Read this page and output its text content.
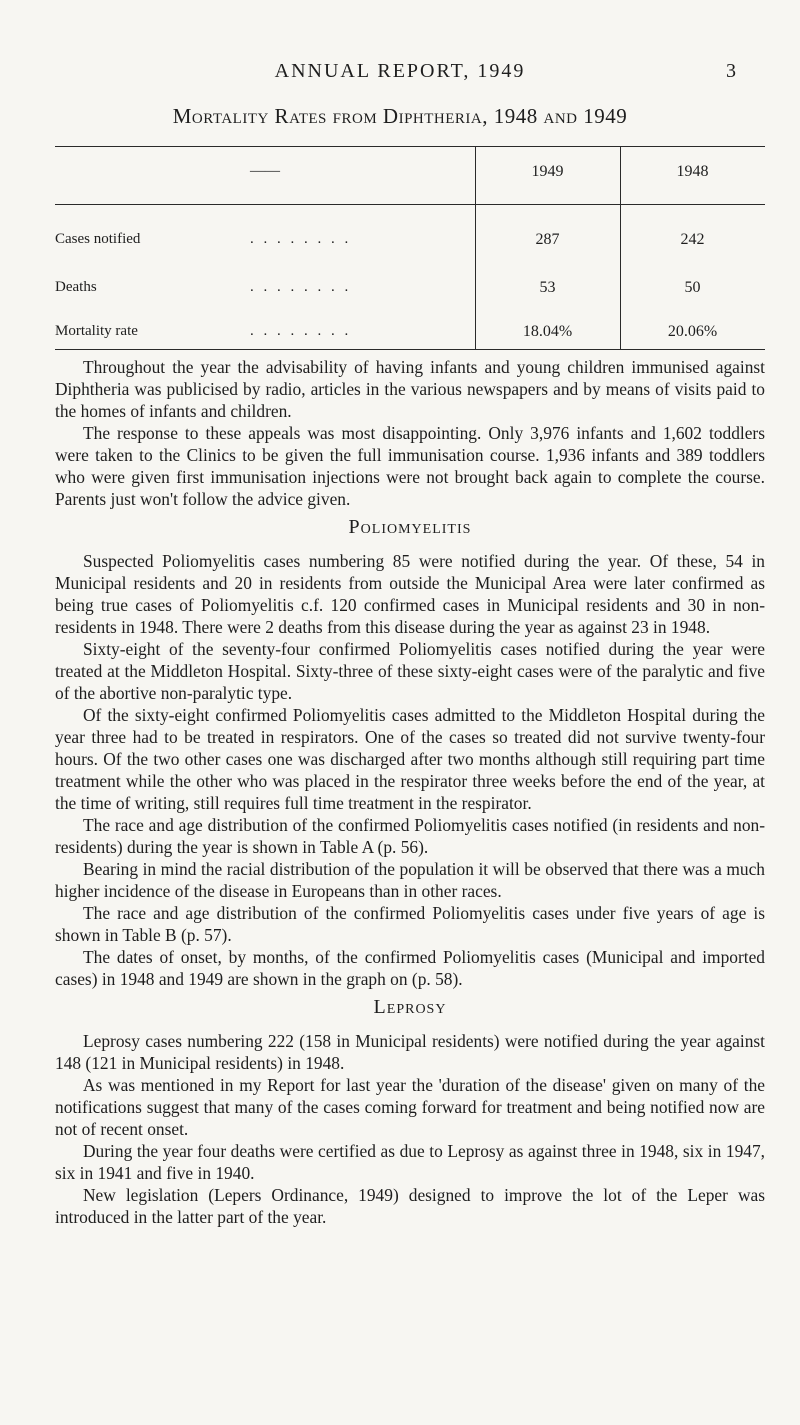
ANNUAL REPORT, 1949	3
Mortality Rates from Diphtheria, 1948 and 1949
——	1949	1948
Cases notified	. . . . . . . .	287	242
Deaths	. . . . . . . .	53	50
Mortality rate	. . . . . . . .	18.04%	20.06%

Throughout the year the advisability of having infants and young children immunised against Diphtheria was publicised by radio, articles in the various newspapers and by means of visits paid to the homes of infants and children.

The response to these appeals was most disappointing. Only 3,976 infants and 1,602 toddlers were taken to the Clinics to be given the full immunisation course. 1,936 infants and 389 toddlers who were given first immunisation injections were not brought back again to complete the course. Parents just won't follow the advice given.

Poliomyelitis

Suspected Poliomyelitis cases numbering 85 were notified during the year. Of these, 54 in Municipal residents and 20 in residents from outside the Municipal Area were later confirmed as being true cases of Poliomyelitis c.f. 120 confirmed cases in Municipal residents and 30 in non-residents in 1948. There were 2 deaths from this disease during the year as against 23 in 1948.

Sixty-eight of the seventy-four confirmed Poliomyelitis cases notified during the year were treated at the Middleton Hospital. Sixty-three of these sixty-eight cases were of the paralytic and five of the abortive non-paralytic type.

Of the sixty-eight confirmed Poliomyelitis cases admitted to the Middleton Hospital during the year three had to be treated in respirators. One of the cases so treated did not survive twenty-four hours. Of the two other cases one was discharged after two months although still requiring part time treatment while the other who was placed in the respirator three weeks before the end of the year, at the time of writing, still requires full time treatment in the respirator.

The race and age distribution of the confirmed Poliomyelitis cases notified (in residents and non-residents) during the year is shown in Table A (p. 56).

Bearing in mind the racial distribution of the population it will be observed that there was a much higher incidence of the disease in Europeans than in other races.

The race and age distribution of the confirmed Poliomyelitis cases under five years of age is shown in Table B (p. 57).

The dates of onset, by months, of the confirmed Poliomyelitis cases (Municipal and imported cases) in 1948 and 1949 are shown in the graph on (p. 58).

Leprosy

Leprosy cases numbering 222 (158 in Municipal residents) were notified during the year against 148 (121 in Municipal residents) in 1948.

As was mentioned in my Report for last year the 'duration of the disease' given on many of the notifications suggest that many of the cases coming forward for treatment and being notified now are not of recent onset.

During the year four deaths were certified as due to Leprosy as against three in 1948, six in 1947, six in 1941 and five in 1940.

New legislation (Lepers Ordinance, 1949) designed to improve the lot of the Leper was introduced in the latter part of the year.
